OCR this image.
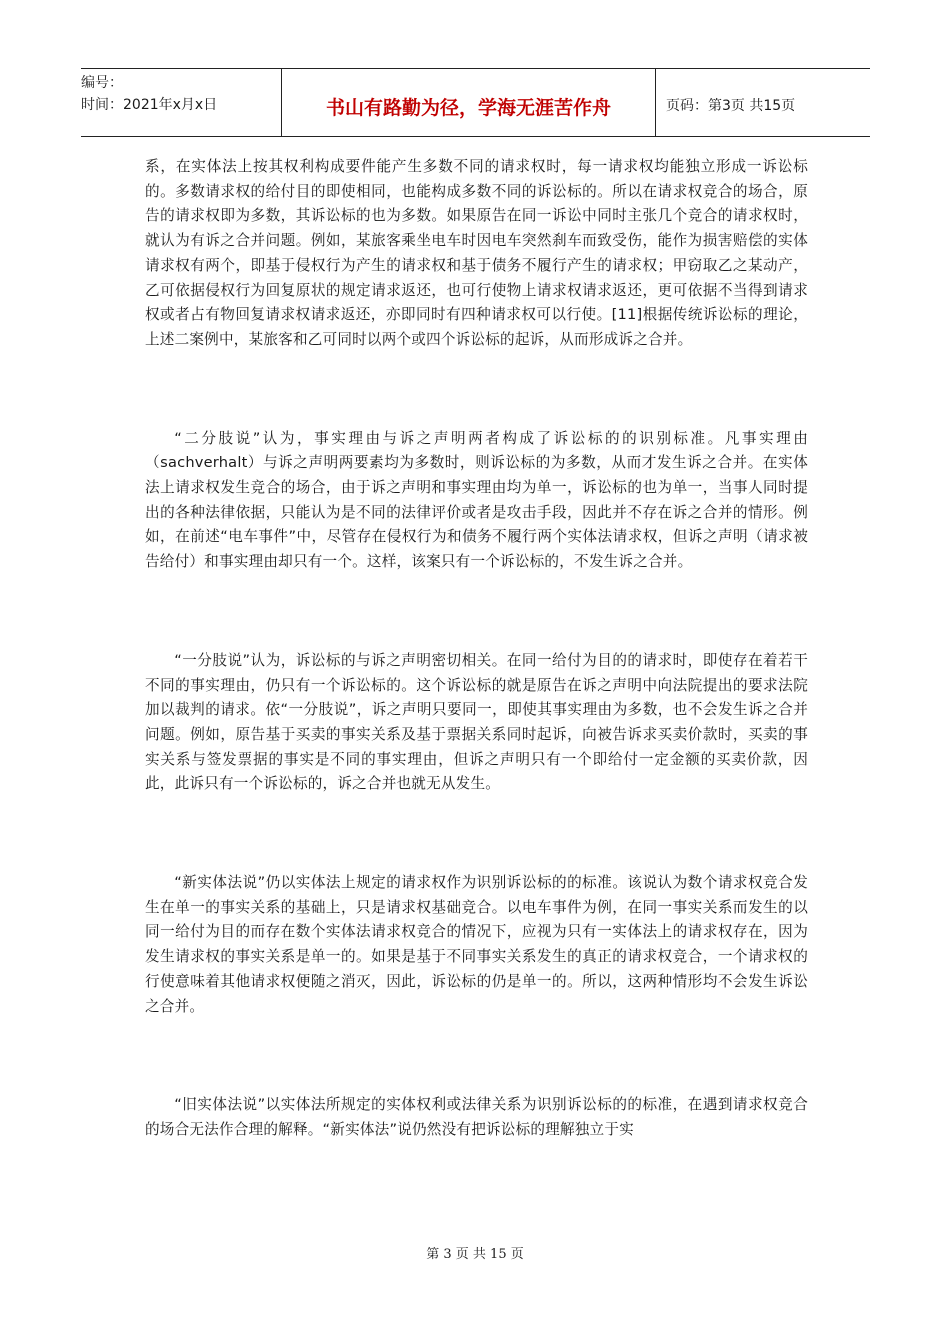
编号：
时间：2021年x月x日	书山有路勤为径，学海无涯苦作舟	页码：第3页 共15页

系，在实体法上按其权利构成要件能产生多数不同的请求权时，每一请求权均能独立形成一诉讼标的。多数请求权的给付目的即使相同，也能构成多数不同的诉讼标的。所以在请求权竞合的场合，原告的请求权即为多数，其诉讼标的也为多数。如果原告在同一诉讼中同时主张几个竞合的请求权时，就认为有诉之合并问题。例如，某旅客乘坐电车时因电车突然刹车而致受伤，能作为损害赔偿的实体请求权有两个，即基于侵权行为产生的请求权和基于债务不履行产生的请求权；甲窃取乙之某动产，乙可依据侵权行为回复原状的规定请求返还，也可行使物上请求权请求返还，更可依据不当得到请求权或者占有物回复请求权请求返还，亦即同时有四种请求权可以行使。[11]根据传统诉讼标的理论，上述二案例中，某旅客和乙可同时以两个或四个诉讼标的起诉，从而形成诉之合并。

“二分肢说”认为，事实理由与诉之声明两者构成了诉讼标的的识别标准。凡事实理由（sachverhalt）与诉之声明两要素均为多数时，则诉讼标的为多数，从而才发生诉之合并。在实体法上请求权发生竞合的场合，由于诉之声明和事实理由均为单一，诉讼标的也为单一，当事人同时提出的各种法律依据，只能认为是不同的法律评价或者是攻击手段，因此并不存在诉之合并的情形。例如，在前述“电车事件”中，尽管存在侵权行为和债务不履行两个实体法请求权，但诉之声明（请求被告给付）和事实理由却只有一个。这样，该案只有一个诉讼标的，不发生诉之合并。

“一分肢说”认为，诉讼标的与诉之声明密切相关。在同一给付为目的的请求时，即使存在着若干不同的事实理由，仍只有一个诉讼标的。这个诉讼标的就是原告在诉之声明中向法院提出的要求法院加以裁判的请求。依“一分肢说”，诉之声明只要同一，即使其事实理由为多数，也不会发生诉之合并问题。例如，原告基于买卖的事实关系及基于票据关系同时起诉，向被告诉求买卖价款时，买卖的事实关系与签发票据的事实是不同的事实理由，但诉之声明只有一个即给付一定金额的买卖价款，因此，此诉只有一个诉讼标的，诉之合并也就无从发生。

“新实体法说”仍以实体法上规定的请求权作为识别诉讼标的的标准。该说认为数个请求权竞合发生在单一的事实关系的基础上，只是请求权基础竞合。以电车事件为例，在同一事实关系而发生的以同一给付为目的而存在数个实体法请求权竞合的情况下，应视为只有一实体法上的请求权存在，因为发生请求权的事实关系是单一的。如果是基于不同事实关系发生的真正的请求权竞合，一个请求权的行使意味着其他请求权便随之消灭，因此，诉讼标的仍是单一的。所以，这两种情形均不会发生诉讼之合并。

“旧实体法说”以实体法所规定的实体权利或法律关系为识别诉讼标的的标准，在遇到请求权竞合的场合无法作合理的解释。“新实体法”说仍然没有把诉讼标的理解独立于实

第 3 页 共 15 页
